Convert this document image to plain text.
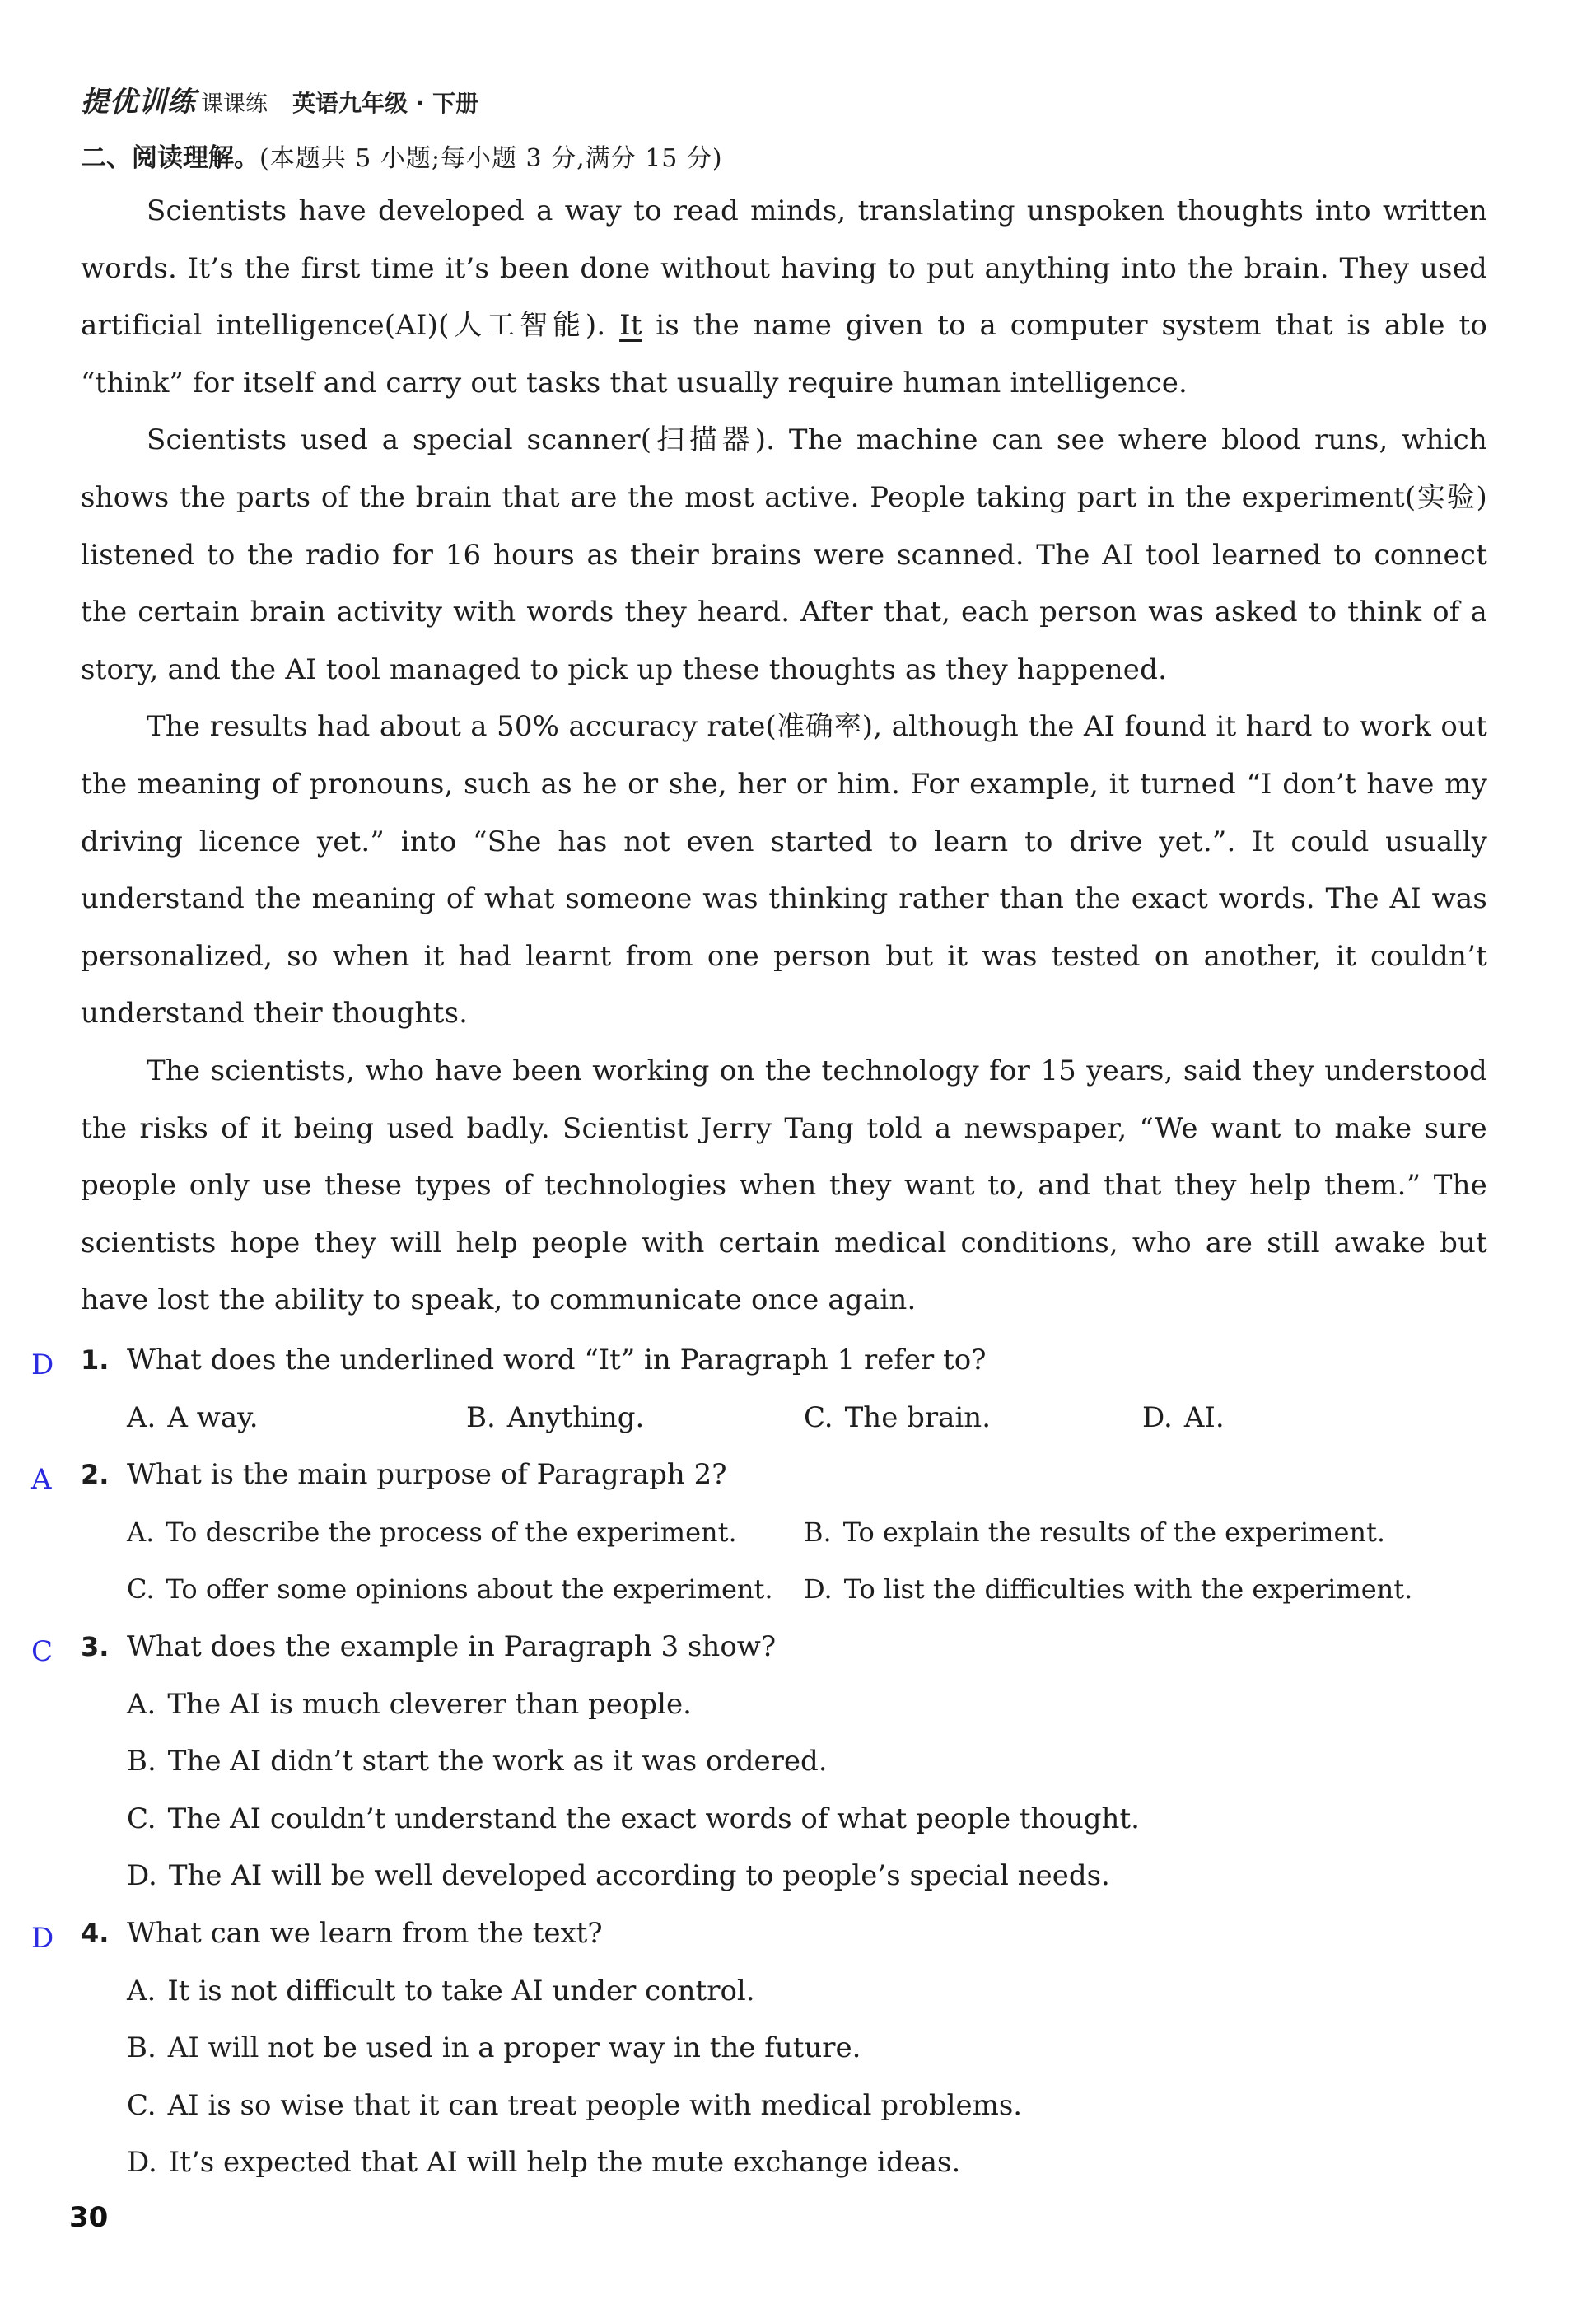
提优训练 课课练 英语九年级 · 下册
二、阅读理解。(本题共 5 小题;每小题 3 分,满分 15 分)

Scientists have developed a way to read minds, translating unspoken thoughts into written words. It’s the first time it’s been done without having to put anything into the brain. They used artificial intelligence(AI)(人工智能). It is the name given to a computer system that is able to “think” for itself and carry out tasks that usually require human intelligence.

Scientists used a special scanner(扫描器). The machine can see where blood runs, which shows the parts of the brain that are the most active. People taking part in the experiment(实验) listened to the radio for 16 hours as their brains were scanned. The AI tool learned to connect the certain brain activity with words they heard. After that, each person was asked to think of a story, and the AI tool managed to pick up these thoughts as they happened.

The results had about a 50% accuracy rate(准确率), although the AI found it hard to work out the meaning of pronouns, such as he or she, her or him. For example, it turned “I don’t have my driving licence yet.” into “She has not even started to learn to drive yet.”. It could usually understand the meaning of what someone was thinking rather than the exact words. The AI was personalized, so when it had learnt from one person but it was tested on another, it couldn’t understand their thoughts.

The scientists, who have been working on the technology for 15 years, said they understood the risks of it being used badly. Scientist Jerry Tang told a newspaper, “We want to make sure people only use these types of technologies when they want to, and that they help them.” The scientists hope they will help people with certain medical conditions, who are still awake but have lost the ability to speak, to communicate once again.

D 1. What does the underlined word “It” in Paragraph 1 refer to?
A. A way.	B. Anything.	C. The brain.	D. AI.
A 2. What is the main purpose of Paragraph 2?
A. To describe the process of the experiment.	B. To explain the results of the experiment.
C. To offer some opinions about the experiment. D. To list the difficulties with the experiment.
C 3. What does the example in Paragraph 3 show?
A. The AI is much cleverer than people.
B. The AI didn’t start the work as it was ordered.
C. The AI couldn’t understand the exact words of what people thought.
D. The AI will be well developed according to people’s special needs.
D 4. What can we learn from the text?
A. It is not difficult to take AI under control.
B. AI will not be used in a proper way in the future.
C. AI is so wise that it can treat people with medical problems.
D. It’s expected that AI will help the mute exchange ideas.
30
